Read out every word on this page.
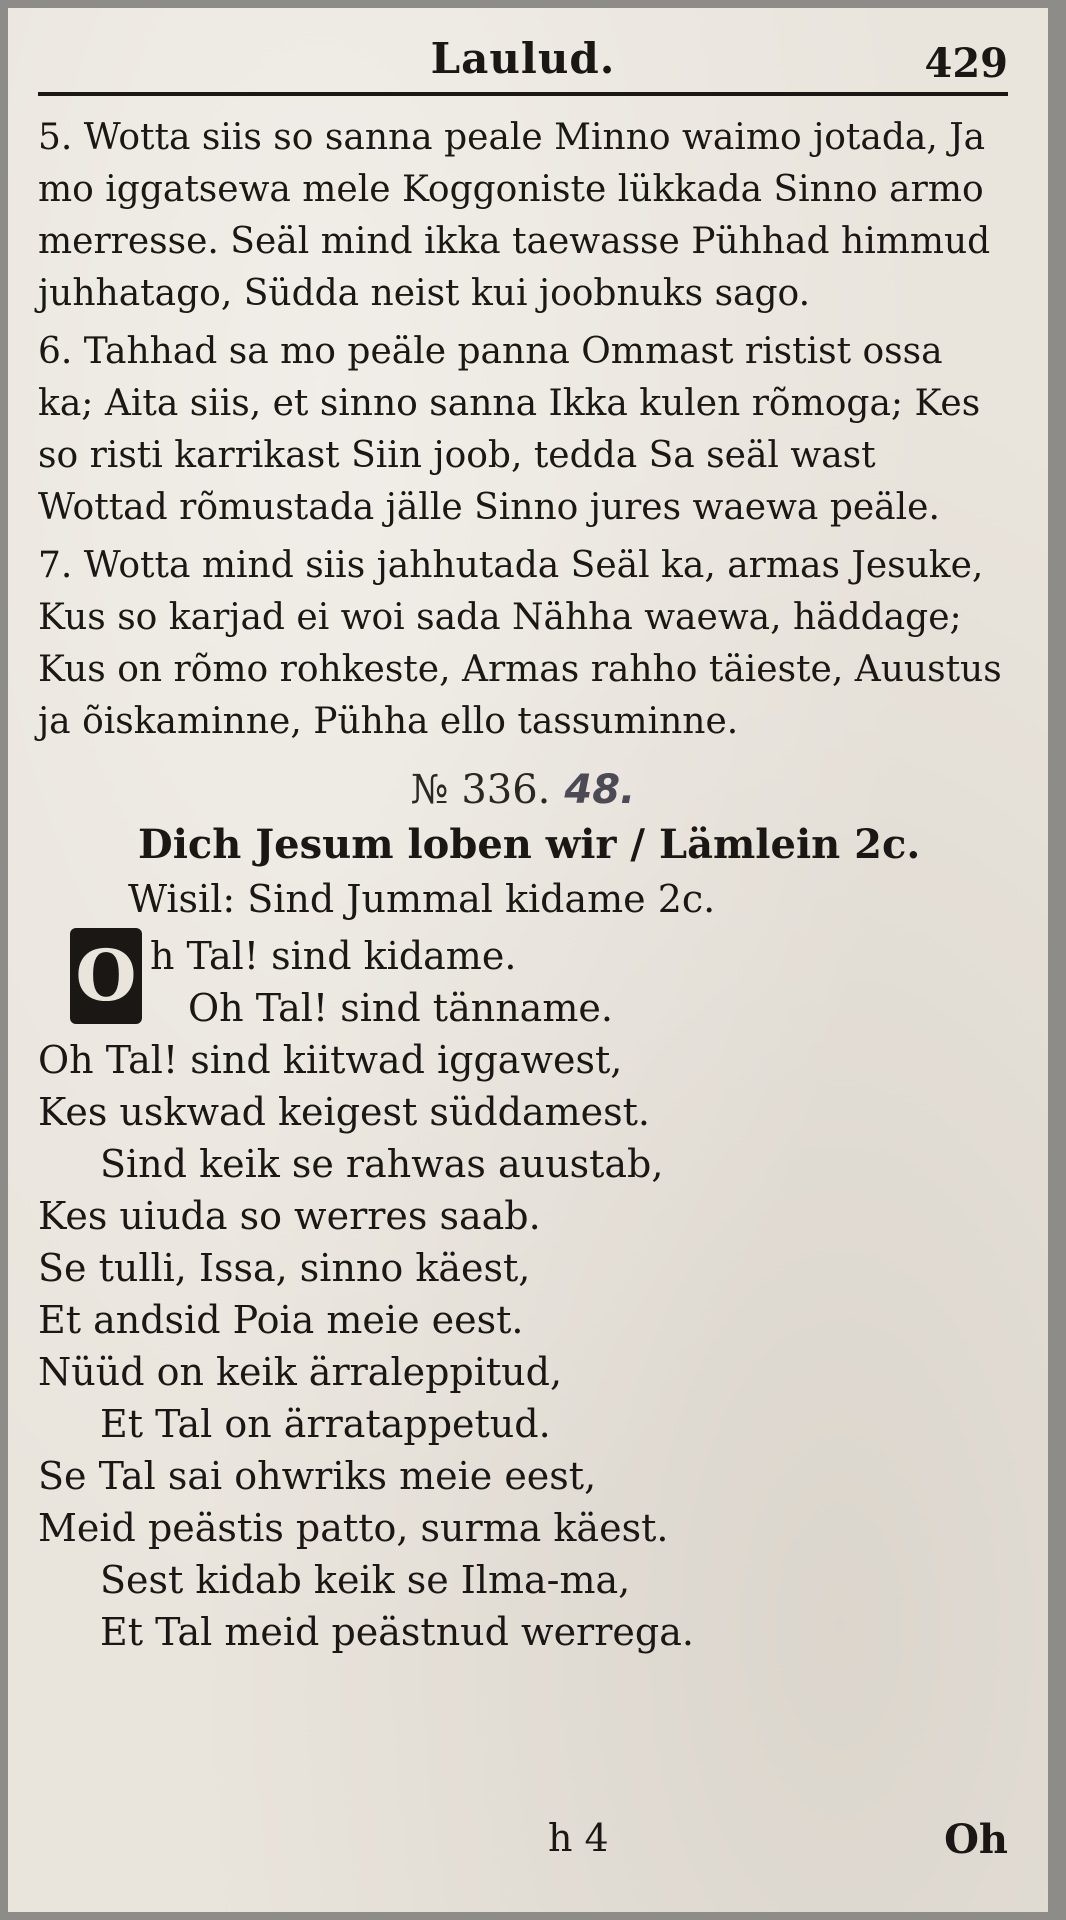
Laulud.	429

5. Wotta siis so sanna peale Minno waimo jotada, Ja mo iggatsewa mele Koggoniste lükkada Sinno armo merresse. Seäl mind ikka taewasse Pühhad himmud juhhatago, Südda neist kui joobnuks sago.

6. Tahhad sa mo peäle panna Ommast ristist ossa ka; Aita siis, et sinno sanna Ikka kulen rõmoga; Kes so risti karrikast Siin joob, tedda Sa seäl wast Wottad rõmustada jälle Sinno jures waewa peäle.

7. Wotta mind siis jahhutada Seäl ka, armas Jesuke, Kus so karjad ei woi sada Nähha waewa, häddage; Kus on rõmo rohkeste, Armas rahho täieste, Auustus ja õiskaminne, Pühha ello tassuminne.

№ 336. 48.
Dich Jesum loben wir / Lämlein 2c.
Wisil: Sind Jummal kidame 2c.
O h Tal! sind kidame.
Oh Tal! sind tänname.
Oh Tal! sind kiitwad iggawest,
Kes uskwad keigest süddamest.
Sind keik se rahwas auustab,
Kes uiuda so werres saab.
Se tulli, Issa, sinno käest,
Et andsid Poia meie eest.
Nüüd on keik ärraleppitud,
Et Tal on ärratappetud.
Se Tal sai ohwriks meie eest,
Meid peästis patto, surma käest.
Sest kidab keik se Ilma-ma,
Et Tal meid peästnud werrega.
h 4	Oh
